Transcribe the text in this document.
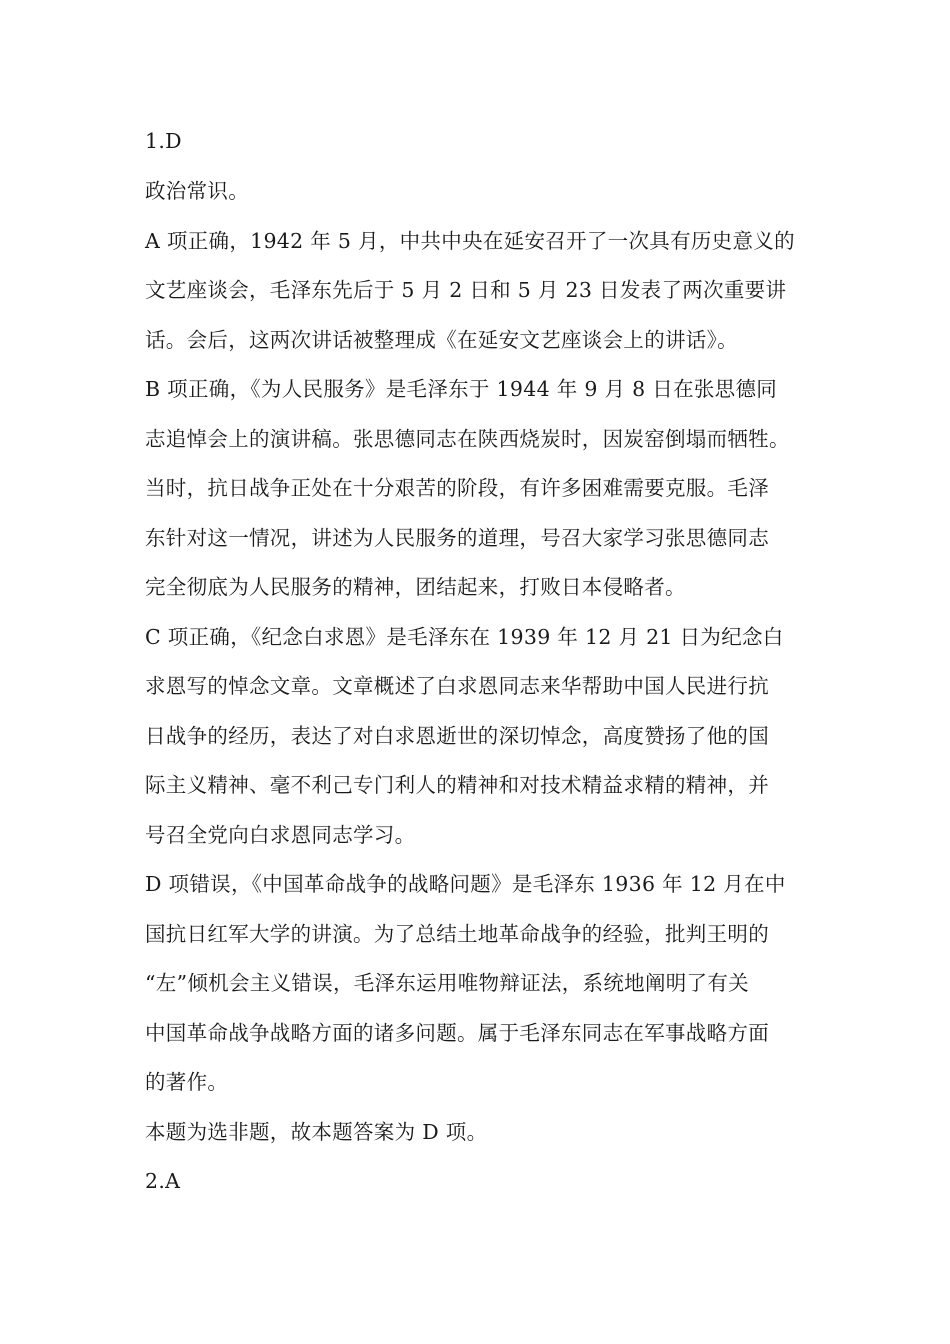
1.D
政治常识。
A 项正确，1942 年 5 月，中共中央在延安召开了一次具有历史意义的
文艺座谈会，毛泽东先后于 5 月 2 日和 5 月 23 日发表了两次重要讲
话。会后，这两次讲话被整理成《在延安文艺座谈会上的讲话》。
B 项正确，《为人民服务》是毛泽东于 1944 年 9 月 8 日在张思德同
志追悼会上的演讲稿。张思德同志在陕西烧炭时，因炭窑倒塌而牺牲。
当时，抗日战争正处在十分艰苦的阶段，有许多困难需要克服。毛泽
东针对这一情况，讲述为人民服务的道理，号召大家学习张思德同志
完全彻底为人民服务的精神，团结起来，打败日本侵略者。
C 项正确，《纪念白求恩》是毛泽东在 1939 年 12 月 21 日为纪念白
求恩写的悼念文章。文章概述了白求恩同志来华帮助中国人民进行抗
日战争的经历，表达了对白求恩逝世的深切悼念，高度赞扬了他的国
际主义精神、毫不利己专门利人的精神和对技术精益求精的精神，并
号召全党向白求恩同志学习。
D 项错误，《中国革命战争的战略问题》是毛泽东 1936 年 12 月在中
国抗日红军大学的讲演。为了总结土地革命战争的经验，批判王明的
“左”倾机会主义错误，毛泽东运用唯物辩证法，系统地阐明了有关
中国革命战争战略方面的诸多问题。属于毛泽东同志在军事战略方面
的著作。
本题为选非题，故本题答案为 D 项。
2.A
